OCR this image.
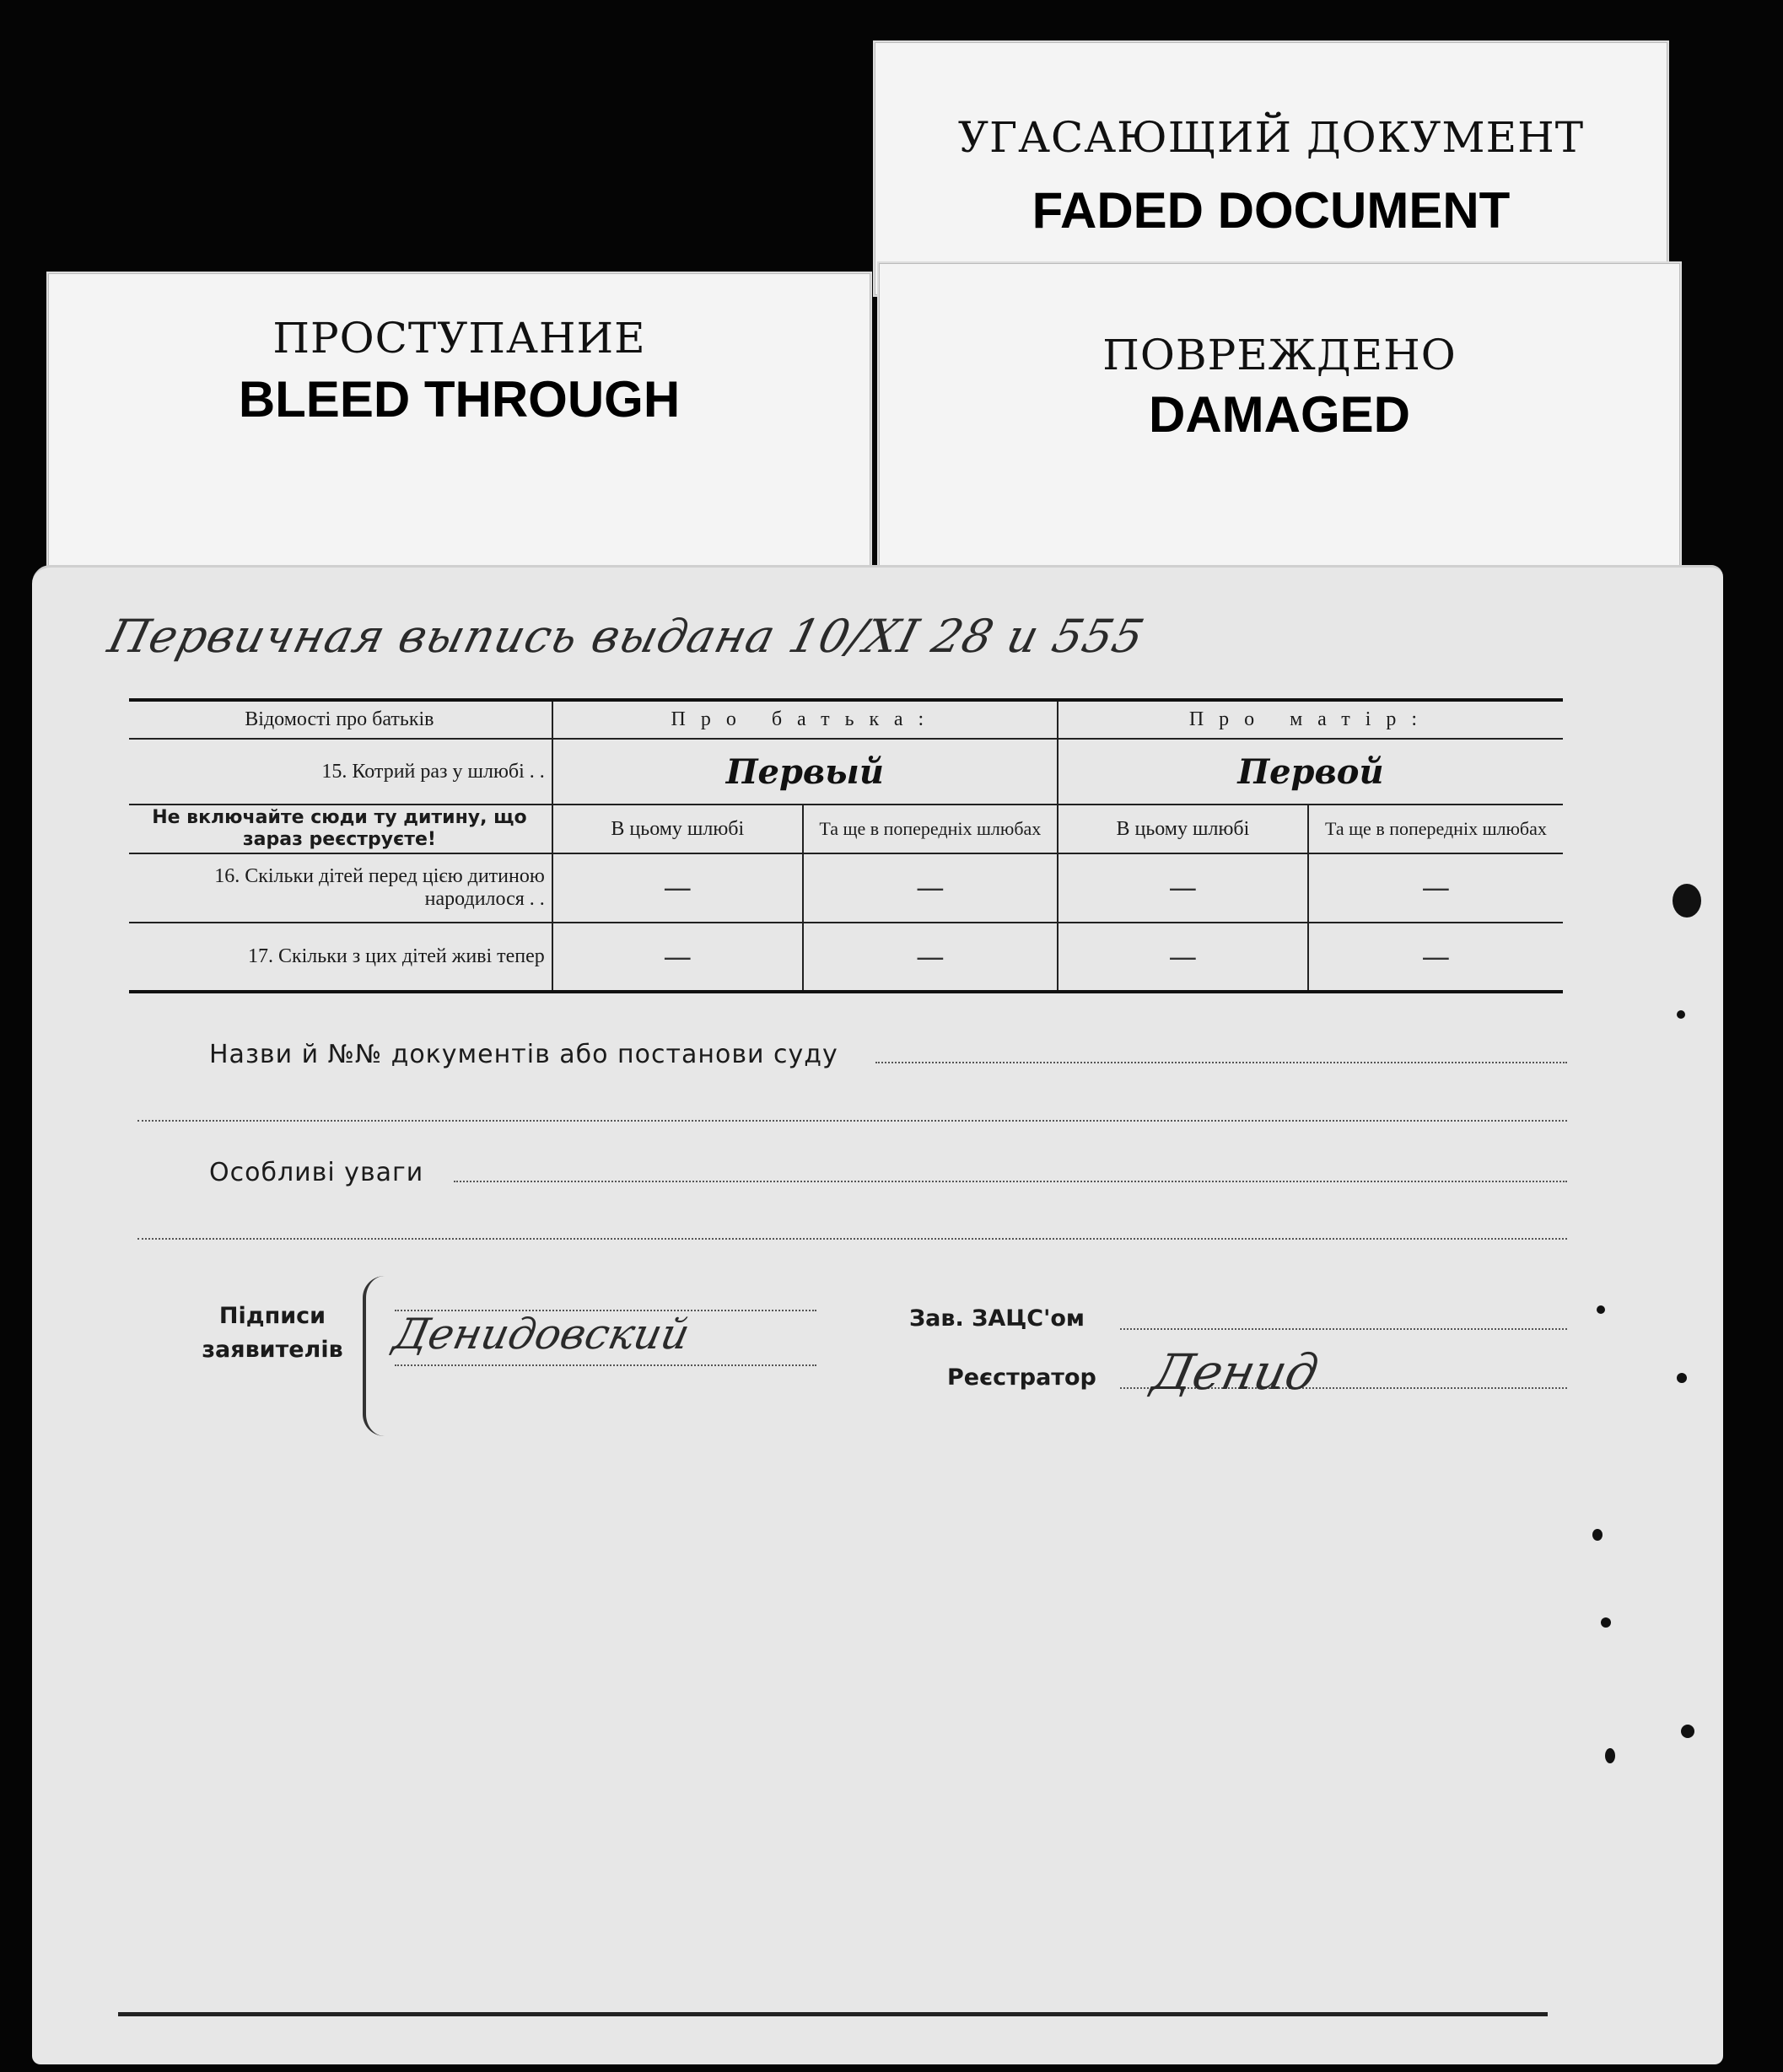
УГАСАЮЩИЙ ДОКУМЕНТ
FADED DOCUMENT
ПОВРЕЖДЕНО
DAMAGED
ПРОСТУПАНИЕ
BLEED THROUGH
Первичная выпись выдана 10/XI 28 и 555
Відомості про батьків	Про батька:		Про матір:	
15. Котрий раз у шлюбі . .	Первый		Первой	
Не включайте сюди ту дитину, що зараз реєструєте!	В цьому шлюбі	Та ще в попередніх шлюбах	В цьому шлюбі	Та ще в попередніх шлюбах
16. Скільки дітей перед цією дитиною народилося . .	—	—	—	—
17. Скільки з цих дітей живі тепер	—	—	—	—
Назви й №№ документів або постанови суду
Особливі уваги
Підписи
заявителів Денидовский	Зав. ЗАЦС'ом
Реєстратор Денид
